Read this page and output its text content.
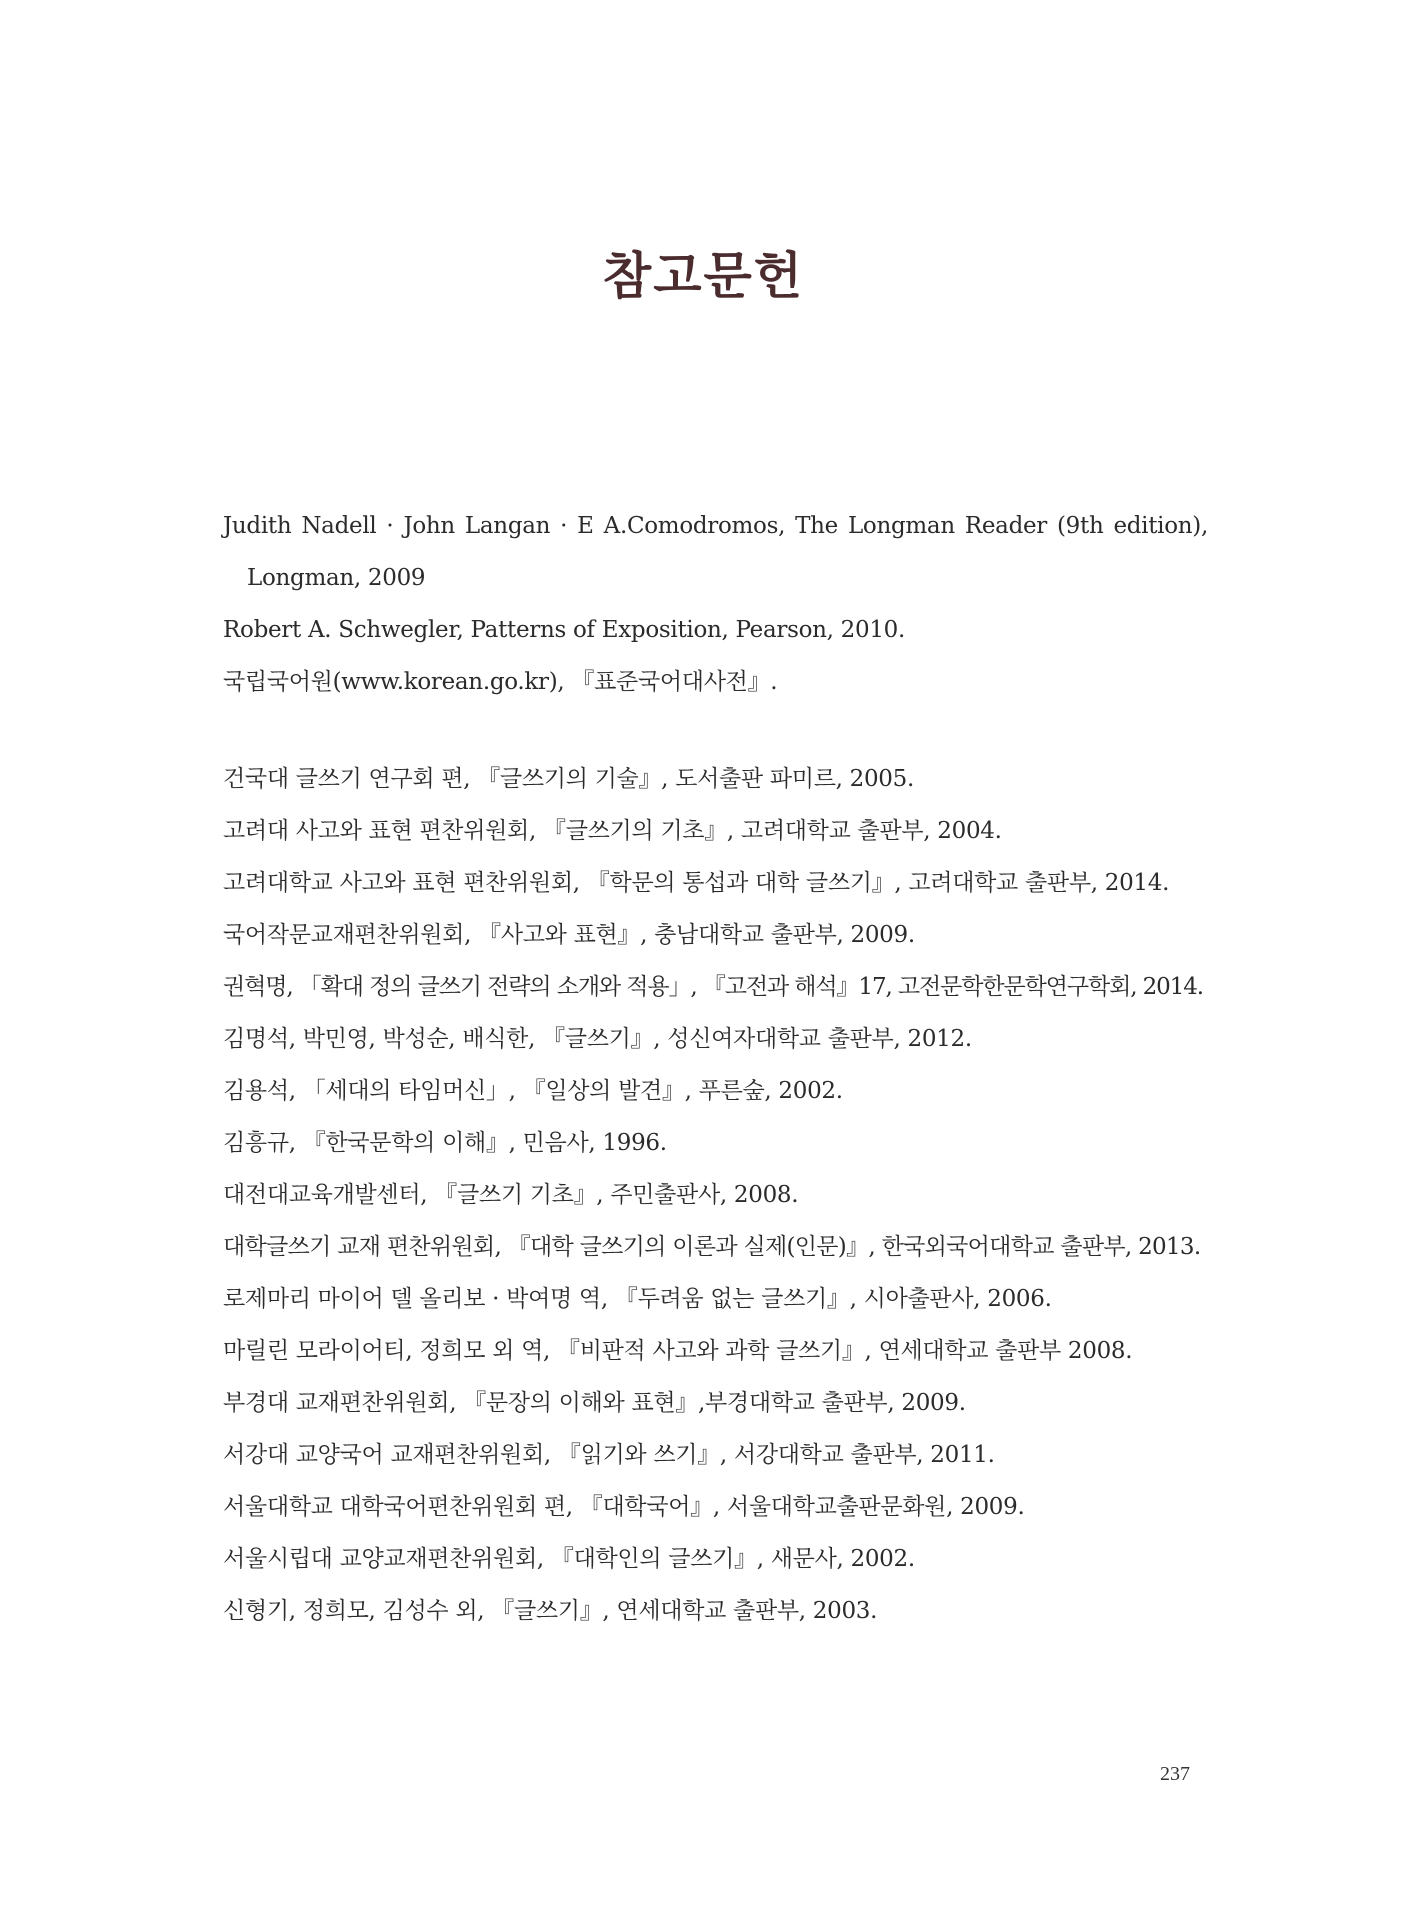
참고문헌
Judith Nadell · John Langan · E A.Comodromos, The Longman Reader (9th edition), Longman, 2009
Robert A. Schwegler, Patterns of Exposition, Pearson, 2010.
국립국어원(www.korean.go.kr), 『표준국어대사전』.
건국대 글쓰기 연구회 편, 『글쓰기의 기술』, 도서출판 파미르, 2005.
고려대 사고와 표현 편찬위원회, 『글쓰기의 기초』, 고려대학교 출판부, 2004.
고려대학교 사고와 표현 편찬위원회, 『학문의 통섭과 대학 글쓰기』, 고려대학교 출판부, 2014.
국어작문교재편찬위원회, 『사고와 표현』, 충남대학교 출판부, 2009.
권혁명, 「확대 정의 글쓰기 전략의 소개와 적용」, 『고전과 해석』17, 고전문학한문학연구학회, 2014.
김명석, 박민영, 박성순, 배식한, 『글쓰기』, 성신여자대학교 출판부, 2012.
김용석, 「세대의 타임머신」, 『일상의 발견』, 푸른숲, 2002.
김흥규, 『한국문학의 이해』, 민음사, 1996.
대전대교육개발센터, 『글쓰기 기초』, 주민출판사, 2008.
대학글쓰기 교재 편찬위원회, 『대학 글쓰기의 이론과 실제(인문)』, 한국외국어대학교 출판부, 2013.
로제마리 마이어 델 올리보 · 박여명 역, 『두려움 없는 글쓰기』, 시아출판사, 2006.
마릴린 모라이어티, 정희모 외 역, 『비판적 사고와 과학 글쓰기』, 연세대학교 출판부 2008.
부경대 교재편찬위원회, 『문장의 이해와 표현』,부경대학교 출판부, 2009.
서강대 교양국어 교재편찬위원회, 『읽기와 쓰기』, 서강대학교 출판부, 2011.
서울대학교 대학국어편찬위원회 편, 『대학국어』, 서울대학교출판문화원, 2009.
서울시립대 교양교재편찬위원회, 『대학인의 글쓰기』, 새문사, 2002.
신형기, 정희모, 김성수 외, 『글쓰기』, 연세대학교 출판부, 2003.
237
